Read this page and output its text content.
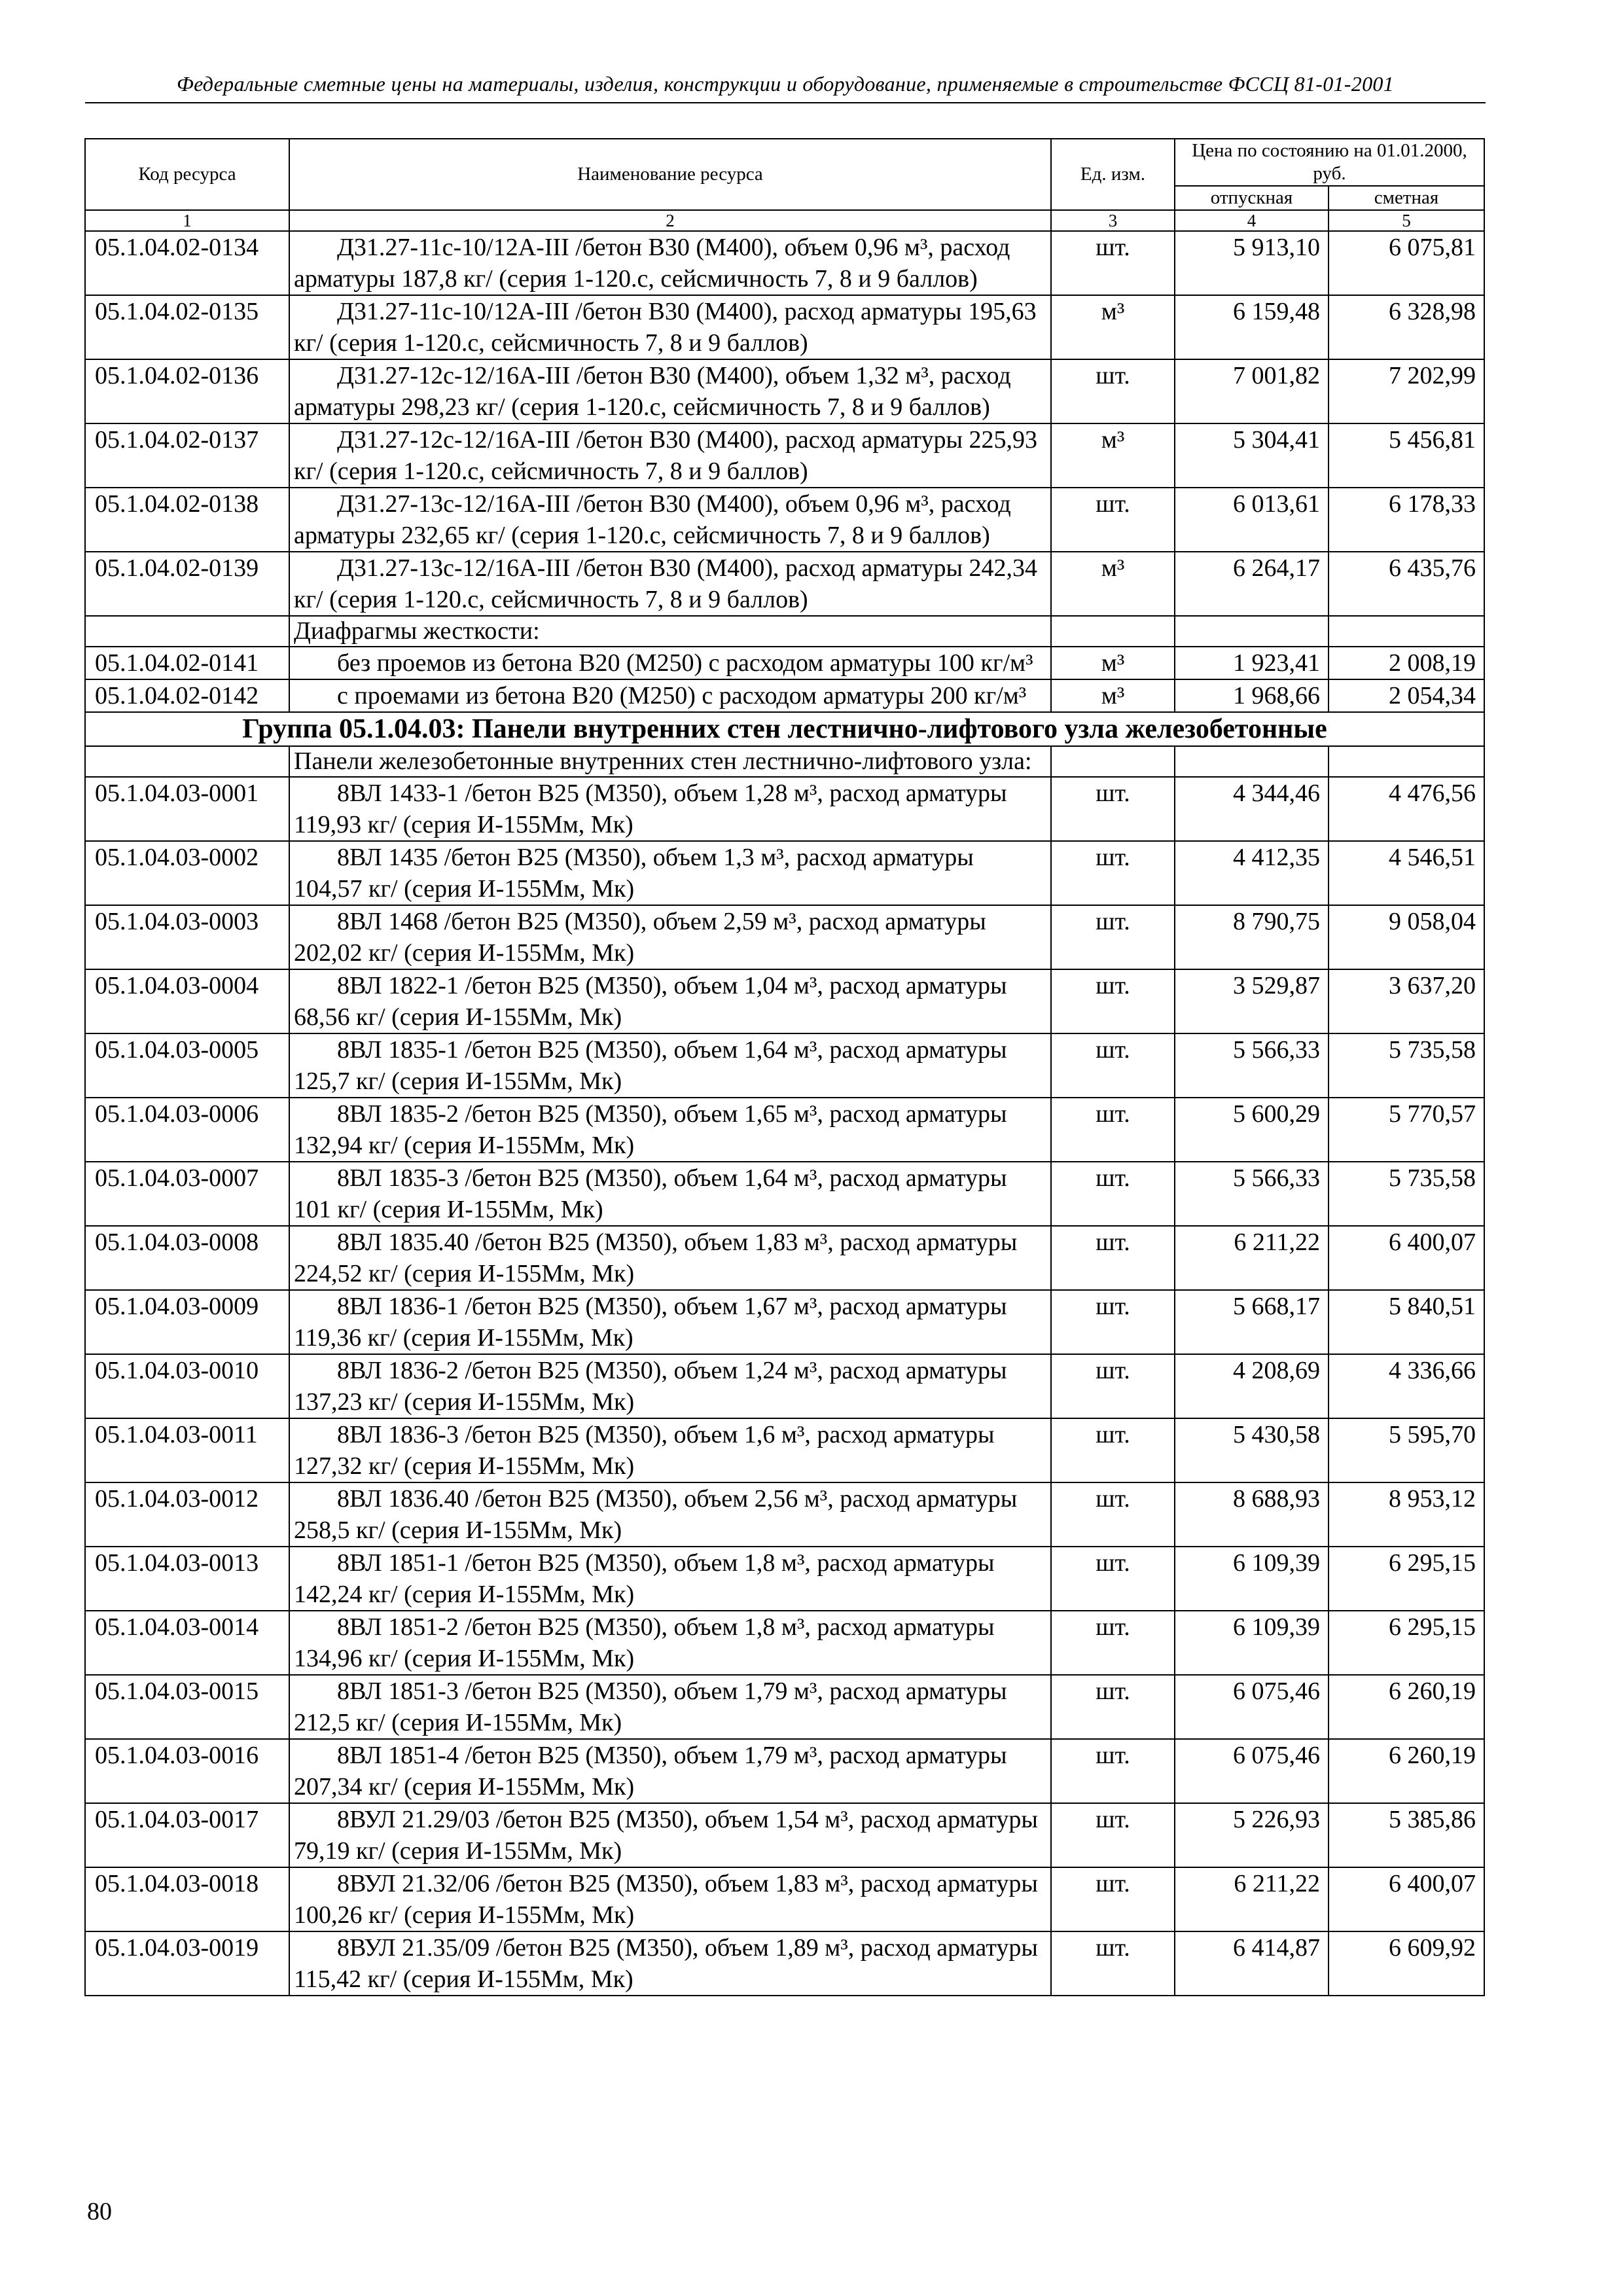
Федеральные сметные цены на материалы, изделия, конструкции и оборудование, применяемые в строительстве ФССЦ 81-01-2001
Код ресурса	Наименование ресурса	Ед. изм.	Цена по состоянию на 01.01.2000, руб.	
			отпускная	сметная
1	2	3	4	5
05.1.04.02-0134	Д31.27-11с-10/12А-III /бетон В30 (М400), объем 0,96 м³, расход арматуры 187,8 кг/ (серия 1-120.с, сейсмичность 7, 8 и 9 баллов)	шт.	5 913,10	6 075,81
05.1.04.02-0135	Д31.27-11с-10/12А-III /бетон В30 (М400), расход арматуры 195,63 кг/ (серия 1-120.с, сейсмичность 7, 8 и 9 баллов)	м³	6 159,48	6 328,98
05.1.04.02-0136	Д31.27-12с-12/16А-III /бетон В30 (М400), объем 1,32 м³, расход арматуры 298,23 кг/ (серия 1-120.с, сейсмичность 7, 8 и 9 баллов)	шт.	7 001,82	7 202,99
05.1.04.02-0137	Д31.27-12с-12/16А-III /бетон В30 (М400), расход арматуры 225,93 кг/ (серия 1-120.с, сейсмичность 7, 8 и 9 баллов)	м³	5 304,41	5 456,81
05.1.04.02-0138	Д31.27-13с-12/16А-III /бетон В30 (М400), объем 0,96 м³, расход арматуры 232,65 кг/ (серия 1-120.с, сейсмичность 7, 8 и 9 баллов)	шт.	6 013,61	6 178,33
05.1.04.02-0139	Д31.27-13с-12/16А-III /бетон В30 (М400), расход арматуры 242,34 кг/ (серия 1-120.с, сейсмичность 7, 8 и 9 баллов)	м³	6 264,17	6 435,76
	Диафрагмы жесткости:			
05.1.04.02-0141	без проемов из бетона В20 (М250) с расходом арматуры 100 кг/м³	м³	1 923,41	2 008,19
05.1.04.02-0142	с проемами из бетона В20 (М250) с расходом арматуры 200 кг/м³	м³	1 968,66	2 054,34
Группа 05.1.04.03: Панели внутренних стен лестнично-лифтового узла железобетонные				
	Панели железобетонные внутренних стен лестнично-лифтового узла:			
05.1.04.03-0001	8ВЛ 1433-1 /бетон В25 (М350), объем 1,28 м³, расход арматуры 119,93 кг/ (серия И-155Мм, Мк)	шт.	4 344,46	4 476,56
05.1.04.03-0002	8ВЛ 1435 /бетон В25 (М350), объем 1,3 м³, расход арматуры 104,57 кг/ (серия И-155Мм, Мк)	шт.	4 412,35	4 546,51
05.1.04.03-0003	8ВЛ 1468 /бетон В25 (М350), объем 2,59 м³, расход арматуры 202,02 кг/ (серия И-155Мм, Мк)	шт.	8 790,75	9 058,04
05.1.04.03-0004	8ВЛ 1822-1 /бетон В25 (М350), объем 1,04 м³, расход арматуры 68,56 кг/ (серия И-155Мм, Мк)	шт.	3 529,87	3 637,20
05.1.04.03-0005	8ВЛ 1835-1 /бетон В25 (М350), объем 1,64 м³, расход арматуры 125,7 кг/ (серия И-155Мм, Мк)	шт.	5 566,33	5 735,58
05.1.04.03-0006	8ВЛ 1835-2 /бетон В25 (М350), объем 1,65 м³, расход арматуры 132,94 кг/ (серия И-155Мм, Мк)	шт.	5 600,29	5 770,57
05.1.04.03-0007	8ВЛ 1835-3 /бетон В25 (М350), объем 1,64 м³, расход арматуры 101 кг/ (серия И-155Мм, Мк)	шт.	5 566,33	5 735,58
05.1.04.03-0008	8ВЛ 1835.40 /бетон В25 (М350), объем 1,83 м³, расход арматуры 224,52 кг/ (серия И-155Мм, Мк)	шт.	6 211,22	6 400,07
05.1.04.03-0009	8ВЛ 1836-1 /бетон В25 (М350), объем 1,67 м³, расход арматуры 119,36 кг/ (серия И-155Мм, Мк)	шт.	5 668,17	5 840,51
05.1.04.03-0010	8ВЛ 1836-2 /бетон В25 (М350), объем 1,24 м³, расход арматуры 137,23 кг/ (серия И-155Мм, Мк)	шт.	4 208,69	4 336,66
05.1.04.03-0011	8ВЛ 1836-3 /бетон В25 (М350), объем 1,6 м³, расход арматуры 127,32 кг/ (серия И-155Мм, Мк)	шт.	5 430,58	5 595,70
05.1.04.03-0012	8ВЛ 1836.40 /бетон В25 (М350), объем 2,56 м³, расход арматуры 258,5 кг/ (серия И-155Мм, Мк)	шт.	8 688,93	8 953,12
05.1.04.03-0013	8ВЛ 1851-1 /бетон В25 (М350), объем 1,8 м³, расход арматуры 142,24 кг/ (серия И-155Мм, Мк)	шт.	6 109,39	6 295,15
05.1.04.03-0014	8ВЛ 1851-2 /бетон В25 (М350), объем 1,8 м³, расход арматуры 134,96 кг/ (серия И-155Мм, Мк)	шт.	6 109,39	6 295,15
05.1.04.03-0015	8ВЛ 1851-3 /бетон В25 (М350), объем 1,79 м³, расход арматуры 212,5 кг/ (серия И-155Мм, Мк)	шт.	6 075,46	6 260,19
05.1.04.03-0016	8ВЛ 1851-4 /бетон В25 (М350), объем 1,79 м³, расход арматуры 207,34 кг/ (серия И-155Мм, Мк)	шт.	6 075,46	6 260,19
05.1.04.03-0017	8ВУЛ 21.29/03 /бетон В25 (М350), объем 1,54 м³, расход арматуры 79,19 кг/ (серия И-155Мм, Мк)	шт.	5 226,93	5 385,86
05.1.04.03-0018	8ВУЛ 21.32/06 /бетон В25 (М350), объем 1,83 м³, расход арматуры 100,26 кг/ (серия И-155Мм, Мк)	шт.	6 211,22	6 400,07
05.1.04.03-0019	8ВУЛ 21.35/09 /бетон В25 (М350), объем 1,89 м³, расход арматуры 115,42 кг/ (серия И-155Мм, Мк)	шт.	6 414,87	6 609,92
80
